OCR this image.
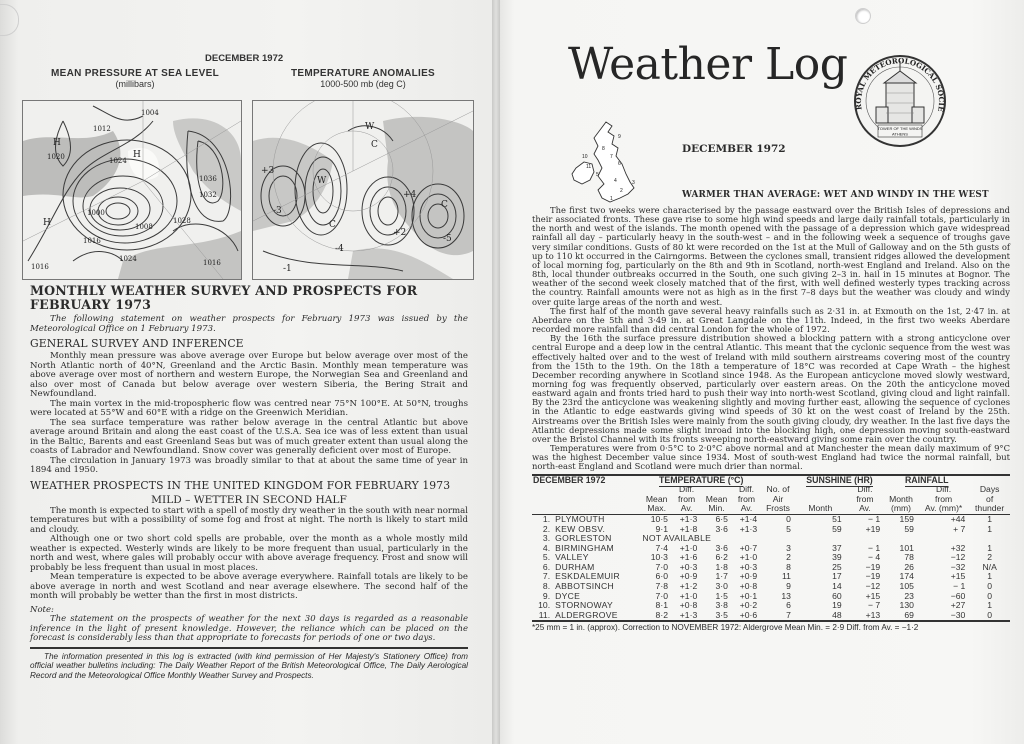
DECEMBER 1972
MEAN PRESSURE AT SEA LEVEL
(millibars)
TEMPERATURE ANOMALIES
1000-500 mb (deg C)
1004
1012
H
1020	1024
H
1036
1032
1028
1000
1008
1016
H
1024
1016	1016
W
C
W
C
+3
-3
-4
+4
C
-5
+2
-1
MONTHLY WEATHER SURVEY AND PROSPECTS FOR FEBRUARY 1973
The following statement on weather prospects for February 1973 was issued by the Meteorological Office on 1 February 1973.
GENERAL SURVEY AND INFERENCE

Monthly mean pressure was above average over Europe but below average over most of the North Atlantic north of 40°N, Greenland and the Arctic Basin. Monthly mean temperature was above average over most of northern and western Europe, the Norwegian Sea and Greenland and also over most of Canada but below average over western Siberia, the Bering Strait and Newfoundland.

The main vortex in the mid-tropospheric flow was centred near 75°N 100°E. At 50°N, troughs were located at 55°W and 60°E with a ridge on the Greenwich Meridian.

The sea surface temperature was rather below average in the central Atlantic but above average around Britain and along the east coast of the U.S.A. Sea ice was of less extent than usual in the Baltic, Barents and east Greenland Seas but was of much greater extent than usual along the coasts of Labrador and Newfoundland. Snow cover was generally deficient over most of Europe.

The circulation in January 1973 was broadly similar to that at about the same time of year in 1894 and 1950.

WEATHER PROSPECTS IN THE UNITED KINGDOM FOR FEBRUARY 1973
MILD – WETTER IN SECOND HALF

The month is expected to start with a spell of mostly dry weather in the south with near normal temperatures but with a possibility of some fog and frost at night. The north is likely to start mild and cloudy.

Although one or two short cold spells are probable, over the month as a whole mostly mild weather is expected. Westerly winds are likely to be more frequent than usual, particularly in the north and west, where gales will probably occur with above average frequency. Frost and snow will probably be less frequent than usual in most places.

Mean temperature is expected to be above average everywhere. Rainfall totals are likely to be above average in north and west Scotland and near average elsewhere. The second half of the month will probably be wetter than the first in most districts.

Note:
The statement on the prospects of weather for the next 30 days is regarded as a reasonable inference in the light of present knowledge. However, the reliance which can be placed on the forecast is considerably less than that appropriate to forecasts for periods of one or two days.
The information presented in this log is extracted (with kind permission of Her Majesty's Stationery Office) from official weather bulletins including: The Daily Weather Report of the British Meteorological Office, The Daily Aerological Record and the Meteorological Office Monthly Weather Survey and Prospects.
Weather Log
TOWER OF THE WINDS
ATHENS
ROYAL METEOROLOGICAL SOCIE
1
2
3
4
5
6
7
8
9
10
11
DECEMBER 1972
WARMER THAN AVERAGE: WET AND WINDY IN THE WEST

The first two weeks were characterised by the passage eastward over the British Isles of depressions and their associated fronts. These gave rise to some high wind speeds and large daily rainfall totals, particularly in the north and west of the islands. The month opened with the passage of a depression which gave widespread rainfall all day – particularly heavy in the south-west – and in the following week a sequence of troughs gave very similar conditions. Gusts of 80 kt were recorded on the 1st at the Mull of Galloway and on the 5th gusts of up to 110 kt occurred in the Cairngorms. Between the cyclones small, transient ridges allowed the development of local morning fog, particularly on the 8th and 9th in Scotland, north-west England and Ireland. Also on the 8th, local thunder outbreaks occurred in the South, one such giving 2–3 in. hail in 15 minutes at Bognor. The weather of the second week closely matched that of the first, with well defined westerly types tracking across the country. Rainfall amounts were not as high as in the first 7–8 days but the weather was cloudy and windy over quite large areas of the north and west.

The first half of the month gave several heavy rainfalls such as 2·31 in. at Exmouth on the 1st, 2·47 in. at Aberdare on the 5th and 3·49 in. at Great Langdale on the 11th. Indeed, in the first two weeks Aberdare recorded more rainfall than did central London for the whole of 1972.

By the 16th the surface pressure distribution showed a blocking pattern with a strong anticyclone over central Europe and a deep low in the central Atlantic. This meant that the cyclonic sequence from the west was effectively halted over and to the west of Ireland with mild southern airstreams covering most of the country from the 15th to the 19th. On the 18th a temperature of 18°C was recorded at Cape Wrath – the highest December recording anywhere in Scotland since 1948. As the European anticyclone moved slowly westward, morning fog was frequently observed, particularly over eastern areas. On the 20th the anticyclone moved eastward again and fronts tried hard to push their way into north-west Scotland, giving cloud and light rainfall. By the 23rd the anticyclone was weakening slightly and moving further east, allowing the sequence of cyclones in the Atlantic to edge eastwards giving wind speeds of 30 kt on the west coast of Ireland by the 25th. Airstreams over the British Isles were mainly from the south giving cloudy, dry weather. In the last five days the Atlantic depressions made some slight inroad into the blocking high, one depression moving south-eastward over the Bristol Channel with its fronts sweeping north-eastward giving some rain over the country.

Temperatures were from 0·5°C to 2·0°C above normal and at Manchester the mean daily maximum of 9°C was the highest December value since 1934. Most of south-west England had twice the normal rainfall, but north-east England and Scotland were much drier than normal.

DECEMBER 1972		TEMPERATURE (°C)					SUNSHINE (HR)		RAINFALL		
			Diff.		Diff.	No. of		Diff.		Diff.	Days
		Mean	from	Mean	from	Air		from	Month	from	of
		Max.	Av.	Min.	Av.	Frosts	Month	Av.	(mm)	Av. (mm)*	thunder
1.	PLYMOUTH	10·5	+1·3	6·5	+1·4	0	51	− 1	159	+44	1
2.	KEW OBSV.	9·1	+1·8	3·6	+1·3	5	59	+19	59	+ 7	1
3.	GORLESTON	NOT AVAILABLE									
4.	BIRMINGHAM	7·4	+1·0	3·6	+0·7	3	37	− 1	101	+32	1
5.	VALLEY	10·3	+1·6	6·2	+1·0	2	39	− 4	78	−12	2
6.	DURHAM	7·0	+0·3	1·8	+0·3	8	25	−19	26	−32	N/A
7.	ESKDALEMUIR	6·0	+0·9	1·7	+0·9	11	17	−19	174	+15	1
8.	ABBOTSINCH	7·8	+1·2	3·0	+0·8	9	14	−12	105	− 1	0
9.	DYCE	7·0	+1·0	1·5	+0·1	13	60	+15	23	−60	0
10.	STORNOWAY	8·1	+0·8	3·8	+0·2	6	19	− 7	130	+27	1
11.	ALDERGROVE	8·2	+1·3	3·5	+0·6	7	48	+13	69	−30	0
*25 mm = 1 in. (approx). Correction to NOVEMBER 1972: Aldergrove Mean Min. = 2·9 Diff. from Av. = −1·2
